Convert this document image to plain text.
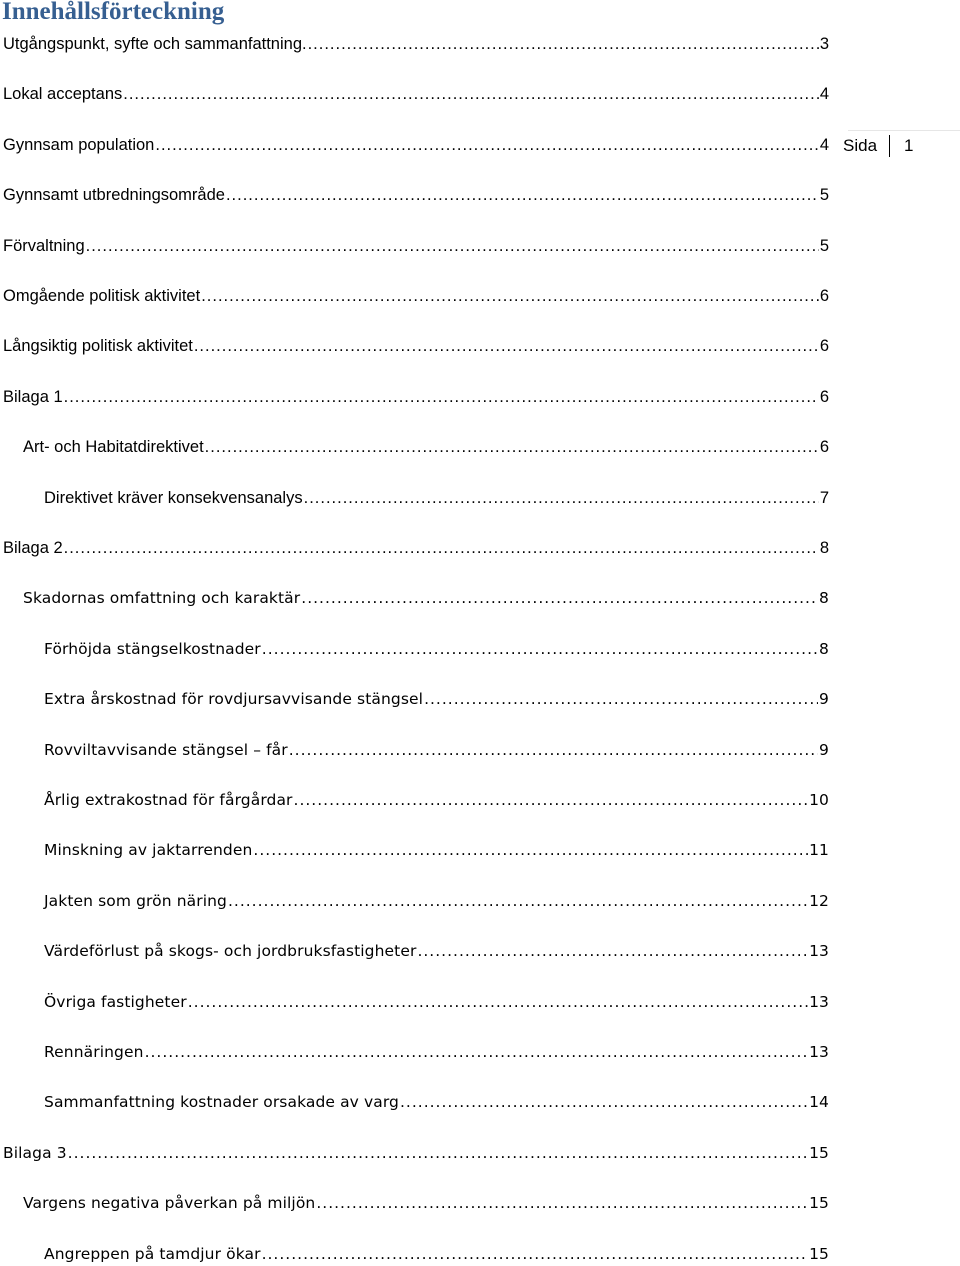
Innehållsförteckning
Utgångspunkt, syfte och sammanfattning. .....	3
Lokal acceptans .....	4
Gynnsam population .....	4
Gynnsamt utbredningsområde .....	5
Förvaltning .....	5
Omgående politisk aktivitet .....	6
Långsiktig politisk aktivitet .....	6
Bilaga 1 .....	6
Art- och Habitatdirektivet .....	6
Direktivet kräver konsekvensanalys .....	7
Bilaga 2 .....	8
Skadornas omfattning och karaktär .....	8
Förhöjda stängselkostnader .....	8
Extra årskostnad för rovdjursavvisande stängsel .....	9
Rovviltavvisande stängsel – får .....	9
Årlig extrakostnad för fårgårdar .....	10
Minskning av jaktarrenden .....	11
Jakten som grön näring .....	12
Värdeförlust på skogs- och jordbruksfastigheter .....	13
Övriga fastigheter .....	13
Rennäringen .....	13
Sammanfattning kostnader orsakade av varg .....	14
Bilaga 3 .....	15
Vargens negativa påverkan på miljön .....	15
Angreppen på tamdjur ökar .....	15
Sida 1
